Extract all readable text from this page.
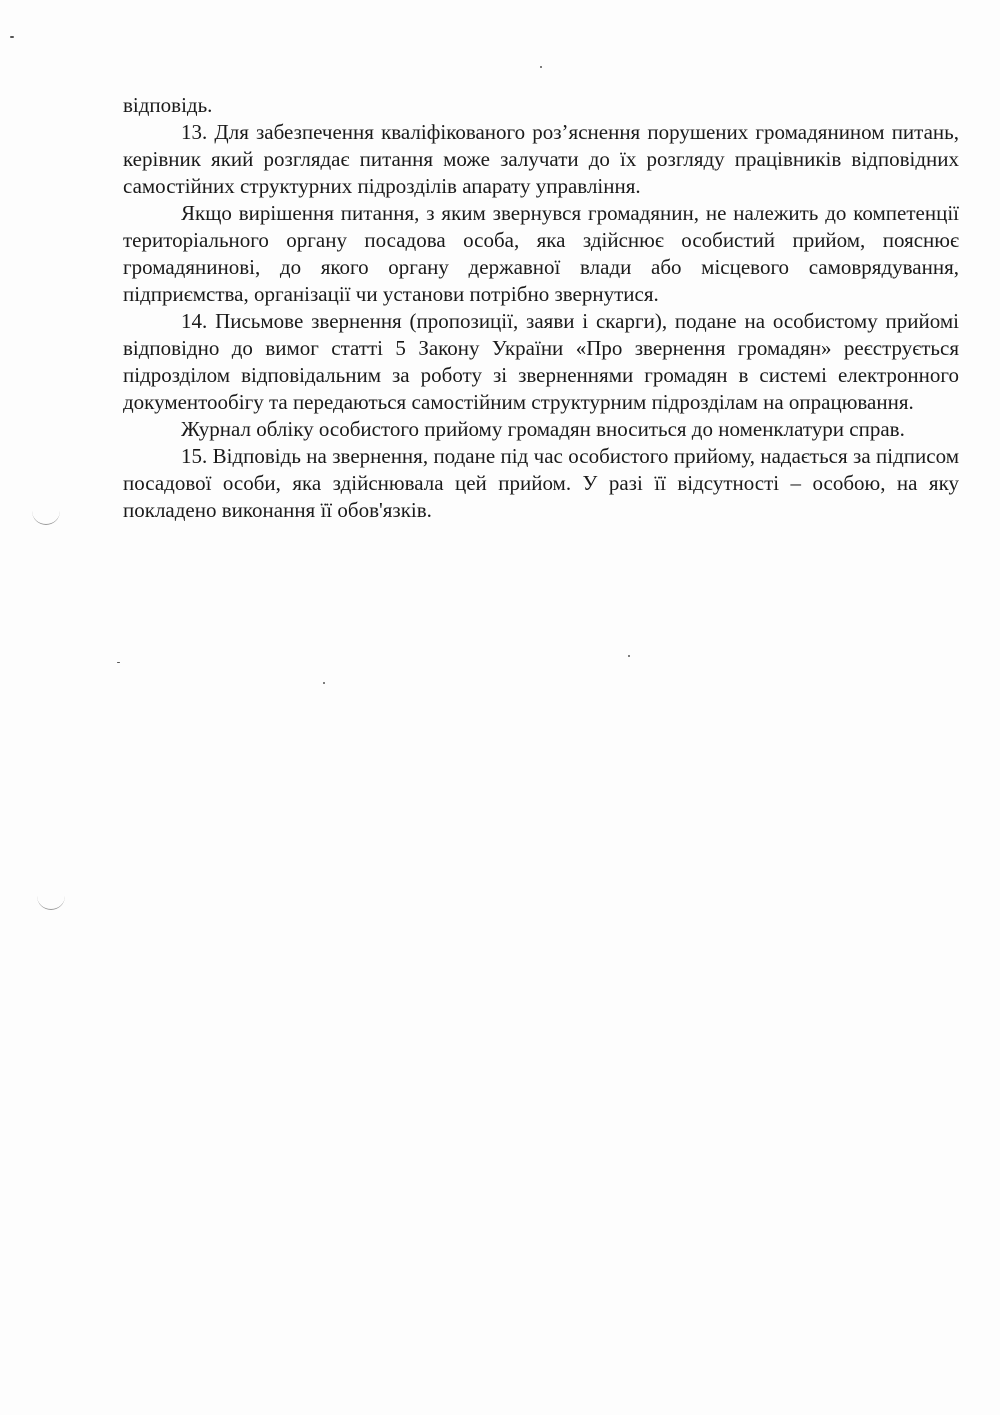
відповідь.

13. Для забезпечення кваліфікованого роз’яснення порушених громадянином питань, керівник який розглядає питання може залучати до їх розгляду працівників відповідних самостійних структурних підрозділів апарату управління.

Якщо вирішення питання, з яким звернувся громадянин, не належить до компетенції територіального органу посадова особа, яка здійснює особистий прийом, пояснює громадянинові, до якого органу державної влади або місцевого самоврядування, підприємства, організації чи установи потрібно звернутися.

14. Письмове звернення (пропозиції, заяви і скарги), подане на особистому прийомі відповідно до вимог статті 5 Закону України «Про звернення громадян» реєструється підрозділом відповідальним за роботу зі зверненнями громадян в системі електронного документообігу та передаються самостійним структурним підрозділам на опрацювання.

Журнал обліку особистого прийому громадян вноситься до номенклатури справ.

15. Відповідь на звернення, подане під час особистого прийому, надається за підписом посадової особи, яка здійснювала цей прийом. У разі її відсутності – особою, на яку покладено виконання її обов'язків.
